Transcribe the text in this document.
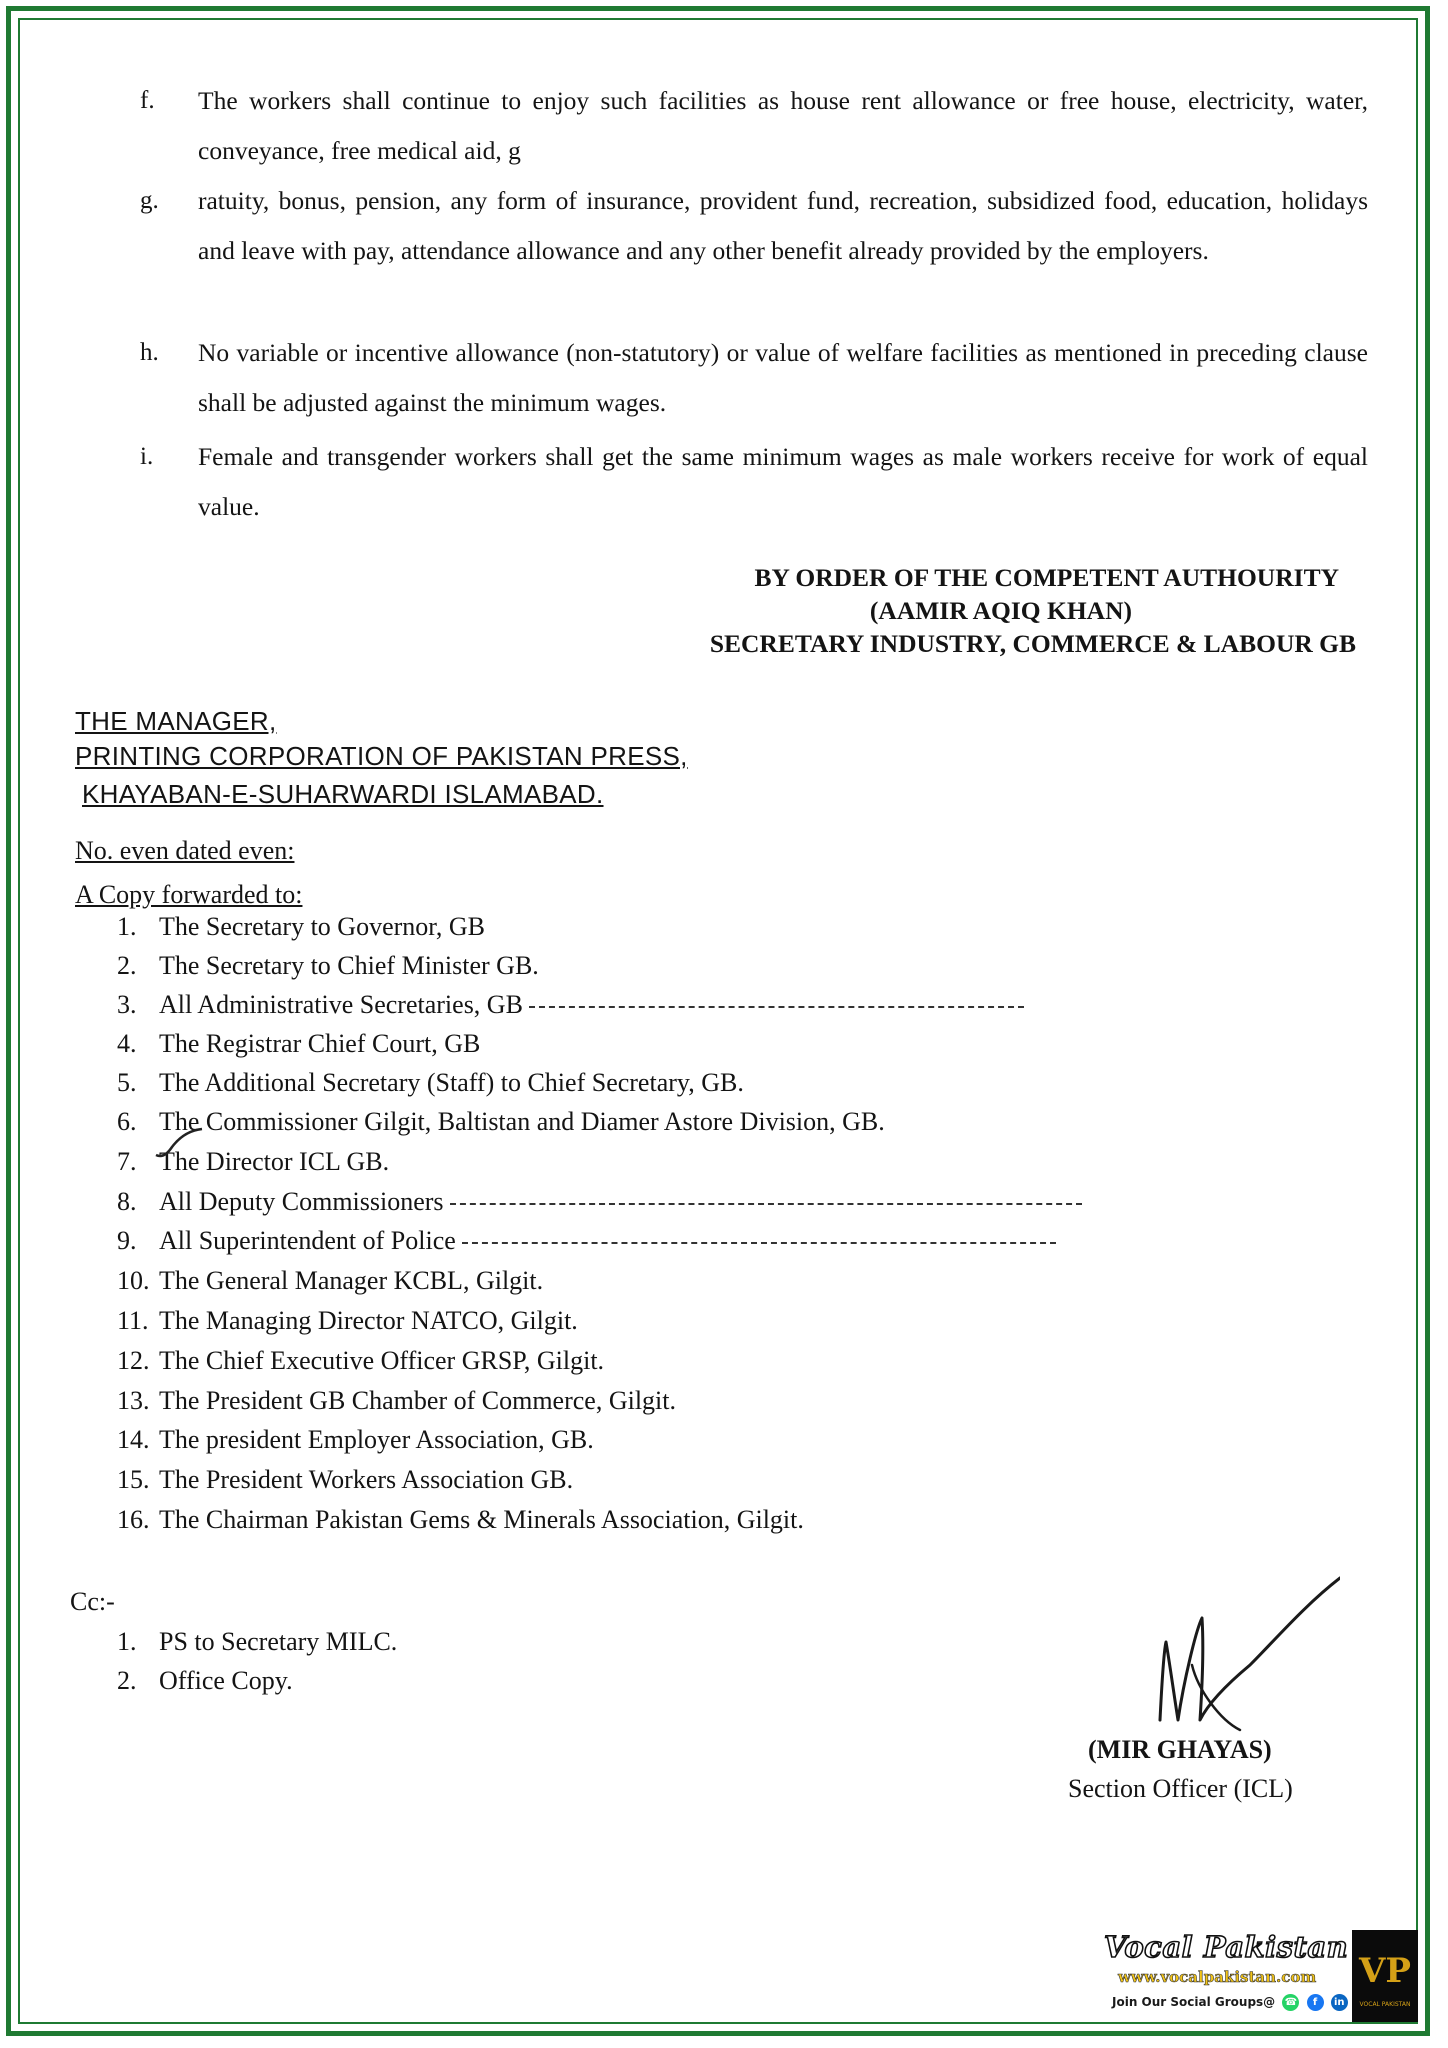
f.	The workers shall continue to enjoy such facilities as house rent allowance or free house, electricity, water, conveyance, free medical aid, g
g.	ratuity, bonus, pension, any form of insurance, provident fund, recreation, subsidized food, education, holidays and leave with pay, attendance allowance and any other benefit already provided by the employers.
h.	No variable or incentive allowance (non-statutory) or value of welfare facilities as mentioned in preceding clause shall be adjusted against the minimum wages.
i.	Female and transgender workers shall get the same minimum wages as male workers receive for work of equal value.
BY ORDER OF THE COMPETENT AUTHOURITY
(AAMIR AQIQ KHAN)
SECRETARY INDUSTRY, COMMERCE & LABOUR GB
THE MANAGER,
PRINTING CORPORATION OF PAKISTAN PRESS,
KHAYABAN-E-SUHARWARDI ISLAMABAD.
No. even dated even:
A Copy forwarded to:
1. The Secretary to Governor, GB
2. The Secretary to Chief Minister GB.
3. All Administrative Secretaries, GB
4. The Registrar Chief Court, GB
5. The Additional Secretary (Staff) to Chief Secretary, GB.
6. The Commissioner Gilgit, Baltistan and Diamer Astore Division, GB.
7. The Director ICL GB.
8. All Deputy Commissioners
9. All Superintendent of Police
10. The General Manager KCBL, Gilgit.
11. The Managing Director NATCO, Gilgit.
12. The Chief Executive Officer GRSP, Gilgit.
13. The President GB Chamber of Commerce, Gilgit.
14. The president Employer Association, GB.
15. The President Workers Association GB.
16. The Chairman Pakistan Gems & Minerals Association, Gilgit.
Cc:-
1. PS to Secretary MILC.
2. Office Copy.
(MIR GHAYAS)
Section Officer (ICL)
Vocal Pakistan
www.vocalpakistan.com
Join Our Social Groups@ ☎ f in
VP
VOCAL PAKISTAN
